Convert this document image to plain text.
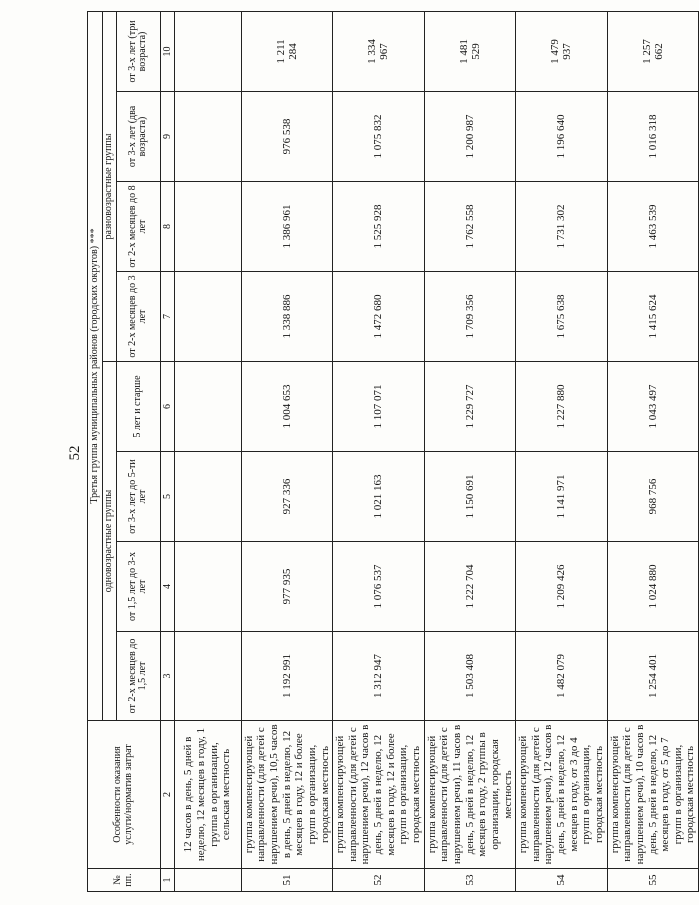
52
№
пп.	Особенности оказания
услуги/норматив затрат	Третья группа муниципальных районов (городских округов) ***							
		одновозрастные группы				разновозрастные группы			
		от 2-х месяцев до 1,5 лет	от 1,5 лет до 3-х лет	от 3-х лет до 5-ти лет	5 лет и старше	от 2-х месяцев до 3 лет	от 2-х месяцев до 8 лет	от 3-х лет (два возраста)	от 3-х лет (три возраста)
1	2	3	4	5	6	7	8	9	10
	12 часов в день, 5 дней в неделю, 12 месяцев в году, 1 группа в организации, сельская местность								
51	группа компенсирующей направленности (для детей с нарушением речи), 10,5 часов в день, 5 дней в неделю, 12 месяцев в году, 12 и более групп в организации, городская местность	1 192 991	977 935	927 336	1 004 653	1 338 886	1 386 961	976 538	1 211
284
52	группа компенсирующей направленности (для детей с нарушением речи), 12 часов в день, 5 дней в неделю, 12 месяцев в году, 12 и более групп в организации, городская местность	1 312 947	1 076 537	1 021 163	1 107 071	1 472 680	1 525 928	1 075 832	1 334
967
53	группа компенсирующей направленности (для детей с нарушением речи), 11 часов в день, 5 дней в неделю, 12 месяцев в году, 2 группы в организации, городская местность	1 503 408	1 222 704	1 150 691	1 229 727	1 709 356	1 762 558	1 200 987	1 481
529
54	группа компенсирующей направленности (для детей с нарушением речи), 12 часов в день, 5 дней в неделю, 12 месяцев в году, от 3 до 4 групп в организации, городская местность	1 482 079	1 209 426	1 141 971	1 227 880	1 675 638	1 731 302	1 196 640	1 479
937
55	группа компенсирующей направленности (для детей с нарушением речи), 10 часов в день, 5 дней в неделю, 12 месяцев в году, от 5 до 7 групп в организации, городская местность	1 254 401	1 024 880	968 756	1 043 497	1 415 624	1 463 539	1 016 318	1 257
662
